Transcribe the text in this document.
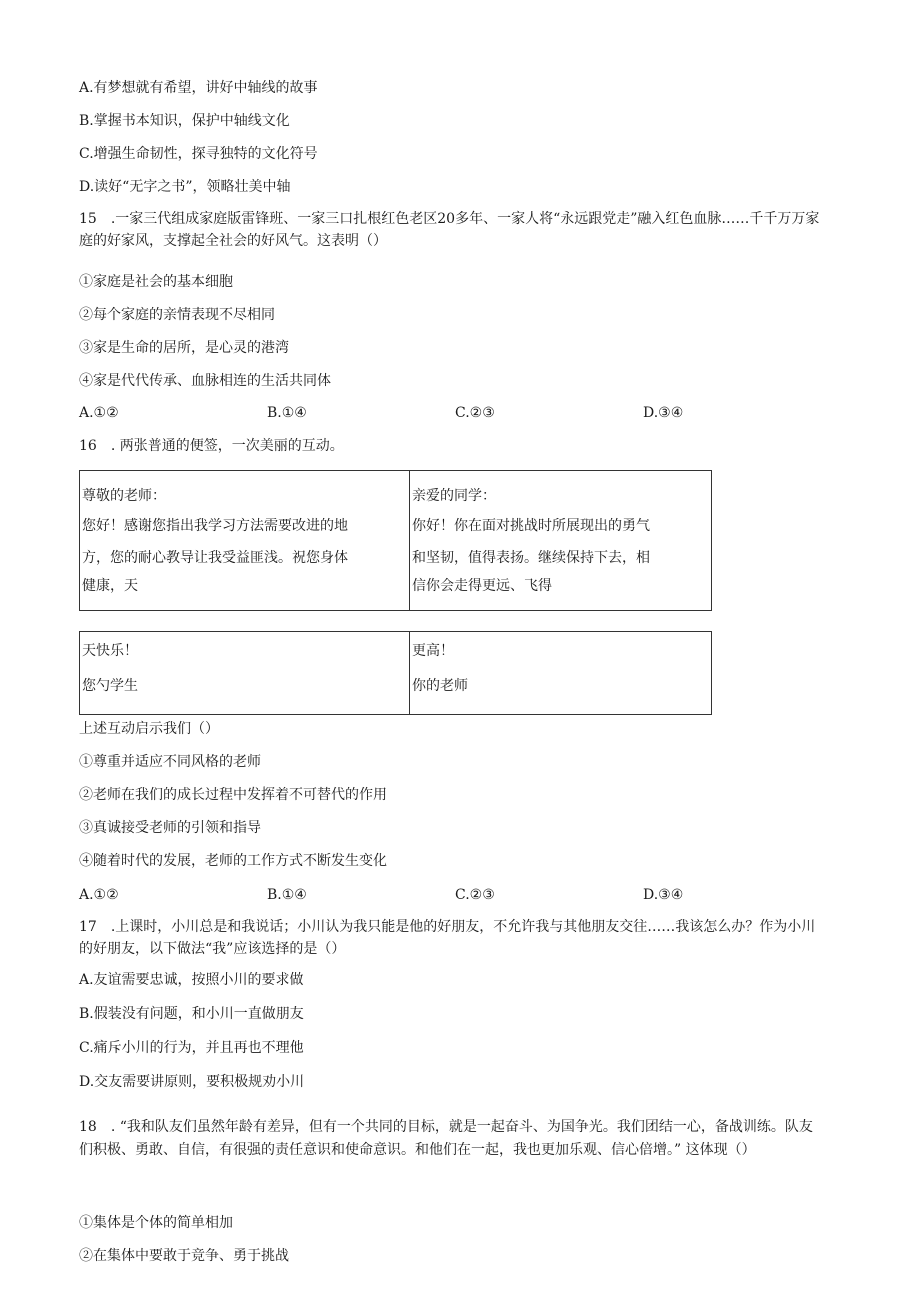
A.有梦想就有希望，讲好中轴线的故事
B.掌握书本知识，保护中轴线文化
C.增强生命韧性，探寻独特的文化符号
D.读好“无字之书”，领略壮美中轴
15　.一家三代组成家庭版雷锋班、一家三口扎根红色老区20多年、一家人将“永远跟党走”融入红色血脉……千千万万家庭的好家风，支撑起全社会的好风气。这表明（）
①家庭是社会的基本细胞
②每个家庭的亲情表现不尽相同
③家是生命的居所，是心灵的港湾
④家是代代传承、血脉相连的生活共同体
A.①②	B.①④	C.②③	D.③④
16　. 两张普通的便签，一次美丽的互动。
尊敬的老师：
您好！感谢您指出我学习方法需要改进的地
方，您的耐心教导让我受益匪浅。祝您身体
健康，天
亲爱的同学：
你好！你在面对挑战时所展现出的勇气
和坚韧，值得表扬。继续保持下去，相
信你会走得更远、飞得
天快乐！
您勺学生
更高！
你的老师
上述互动启示我们（）
①尊重并适应不同风格的老师
②老师在我们的成长过程中发挥着不可替代的作用
③真诚接受老师的引领和指导
④随着时代的发展，老师的工作方式不断发生变化
A.①②	B.①④	C.②③	D.③④
17　.上课时，小川总是和我说话；小川认为我只能是他的好朋友，不允许我与其他朋友交往……我该怎么办？作为小川的好朋友，以下做法“我”应该选择的是（）
A.友谊需要忠诚，按照小川的要求做
B.假装没有问题，和小川一直做朋友
C.痛斥小川的行为，并且再也不理他
D.交友需要讲原则，要积极规劝小川
18　. “我和队友们虽然年龄有差异，但有一个共同的目标，就是一起奋斗、为国争光。我们团结一心，备战训练。队友们积极、勇敢、自信，有很强的责任意识和使命意识。和他们在一起，我也更加乐观、信心倍增。” 这体现（）
①集体是个体的简单相加
②在集体中要敢于竞争、勇于挑战
